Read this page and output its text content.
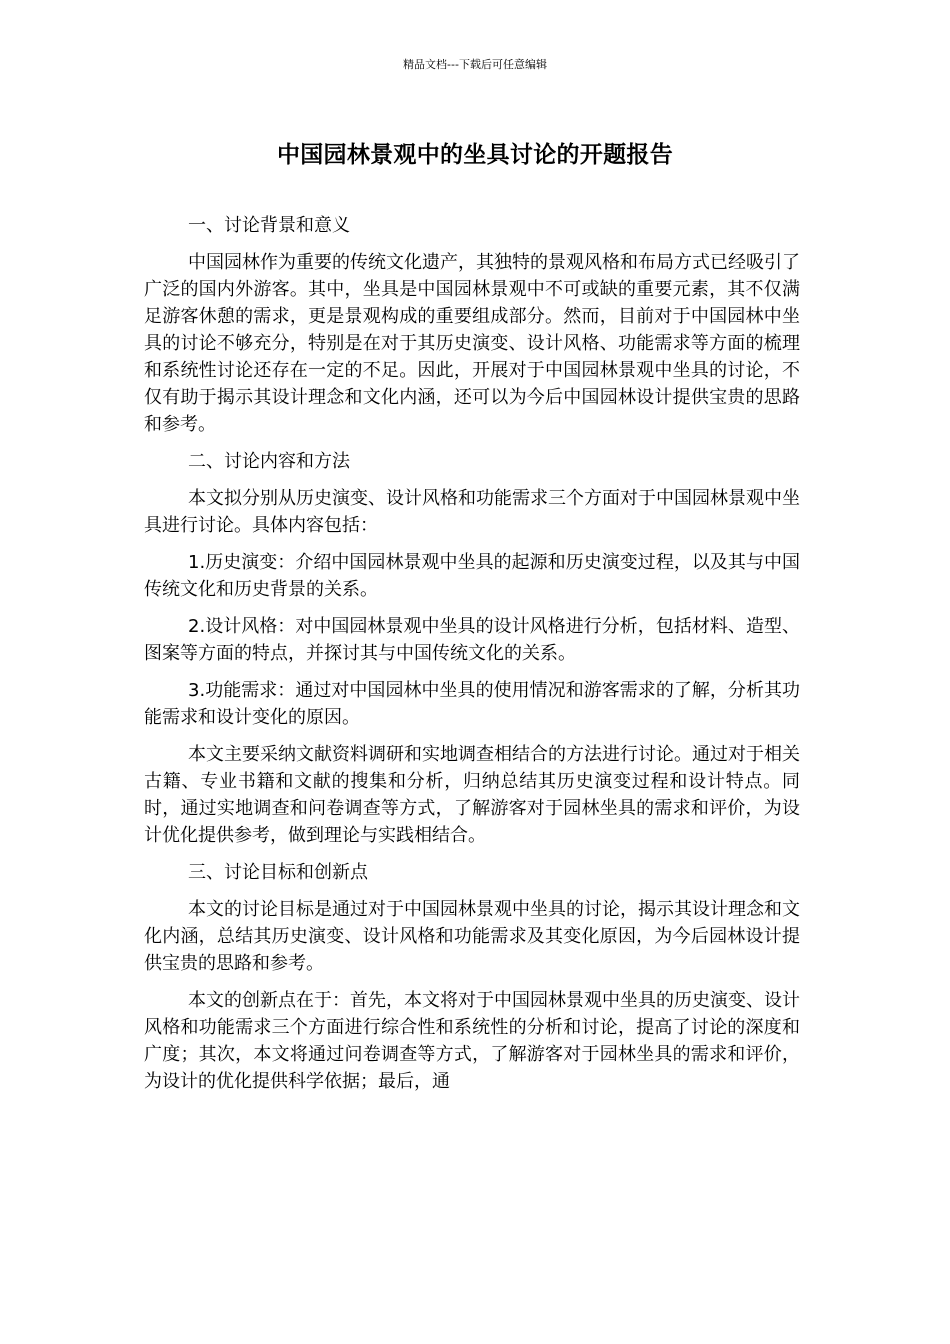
精品文档---下载后可任意编辑
中国园林景观中的坐具讨论的开题报告

一、讨论背景和意义

中国园林作为重要的传统文化遗产，其独特的景观风格和布局方式已经吸引了广泛的国内外游客。其中，坐具是中国园林景观中不可或缺的重要元素，其不仅满足游客休憩的需求，更是景观构成的重要组成部分。然而，目前对于中国园林中坐具的讨论不够充分，特别是在对于其历史演变、设计风格、功能需求等方面的梳理和系统性讨论还存在一定的不足。因此，开展对于中国园林景观中坐具的讨论，不仅有助于揭示其设计理念和文化内涵，还可以为今后中国园林设计提供宝贵的思路和参考。

二、讨论内容和方法

本文拟分别从历史演变、设计风格和功能需求三个方面对于中国园林景观中坐具进行讨论。具体内容包括：

1.历史演变：介绍中国园林景观中坐具的起源和历史演变过程，以及其与中国传统文化和历史背景的关系。

2.设计风格：对中国园林景观中坐具的设计风格进行分析，包括材料、造型、图案等方面的特点，并探讨其与中国传统文化的关系。

3.功能需求：通过对中国园林中坐具的使用情况和游客需求的了解，分析其功能需求和设计变化的原因。

本文主要采纳文献资料调研和实地调查相结合的方法进行讨论。通过对于相关古籍、专业书籍和文献的搜集和分析，归纳总结其历史演变过程和设计特点。同时，通过实地调查和问卷调查等方式，了解游客对于园林坐具的需求和评价，为设计优化提供参考，做到理论与实践相结合。

三、讨论目标和创新点

本文的讨论目标是通过对于中国园林景观中坐具的讨论，揭示其设计理念和文化内涵，总结其历史演变、设计风格和功能需求及其变化原因，为今后园林设计提供宝贵的思路和参考。

本文的创新点在于：首先，本文将对于中国园林景观中坐具的历史演变、设计风格和功能需求三个方面进行综合性和系统性的分析和讨论，提高了讨论的深度和广度；其次，本文将通过问卷调查等方式，了解游客对于园林坐具的需求和评价，为设计的优化提供科学依据；最后，通
